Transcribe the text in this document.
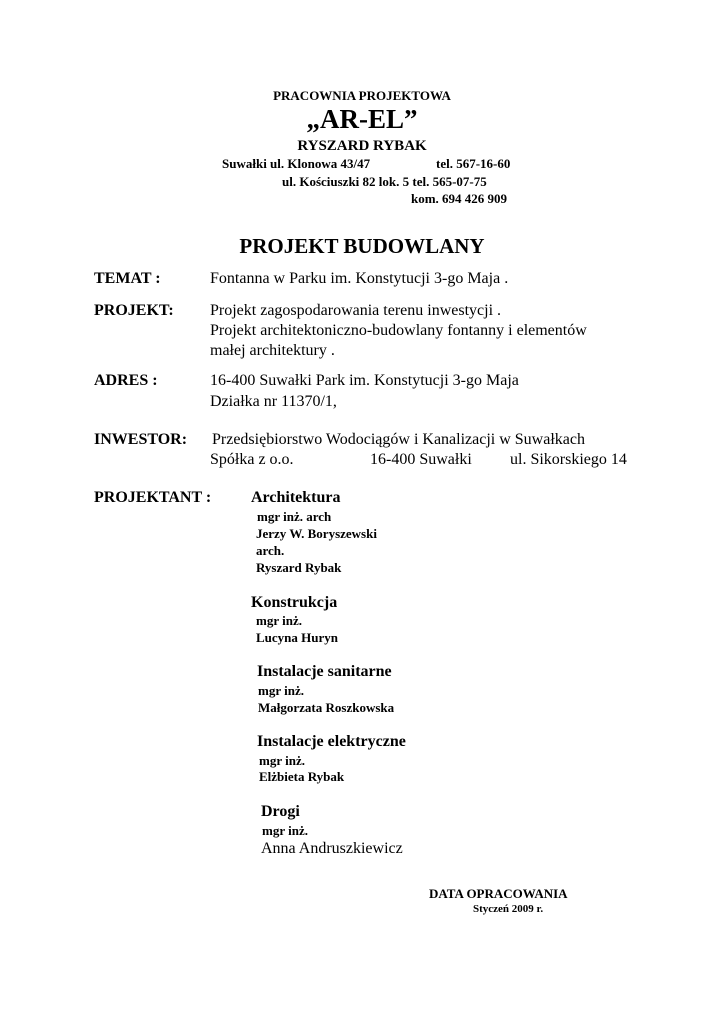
PRACOWNIA PROJEKTOWA
„AR-EL”
RYSZARD RYBAK
Suwałki ul. Klonowa 43/47	tel. 567-16-60
ul. Kościuszki 82 lok. 5 tel. 565-07-75
kom. 694 426 909
PROJEKT BUDOWLANY
TEMAT :	Fontanna w Parku im. Konstytucji 3-go Maja .
PROJEKT: Projekt zagospodarowania terenu inwestycji .
Projekt architektoniczno-budowlany fontanny i elementów
małej architektury .
ADRES :	16-400 Suwałki Park im. Konstytucji 3-go Maja
Działka nr 11370/1,
INWESTOR: Przedsiębiorstwo Wodociągów i Kanalizacji w Suwałkach
Spółka z o.o.	16-400 Suwałki ul. Sikorskiego 14
PROJEKTANT : Architektura
mgr inż. arch
Jerzy W. Boryszewski
arch.
Ryszard Rybak
Konstrukcja
mgr inż.
Lucyna Huryn
Instalacje sanitarne
mgr inż.
Małgorzata Roszkowska
Instalacje elektryczne
mgr inż.
Elżbieta Rybak
Drogi
mgr inż.
Anna Andruszkiewicz
DATA OPRACOWANIA
Styczeń 2009 r.
